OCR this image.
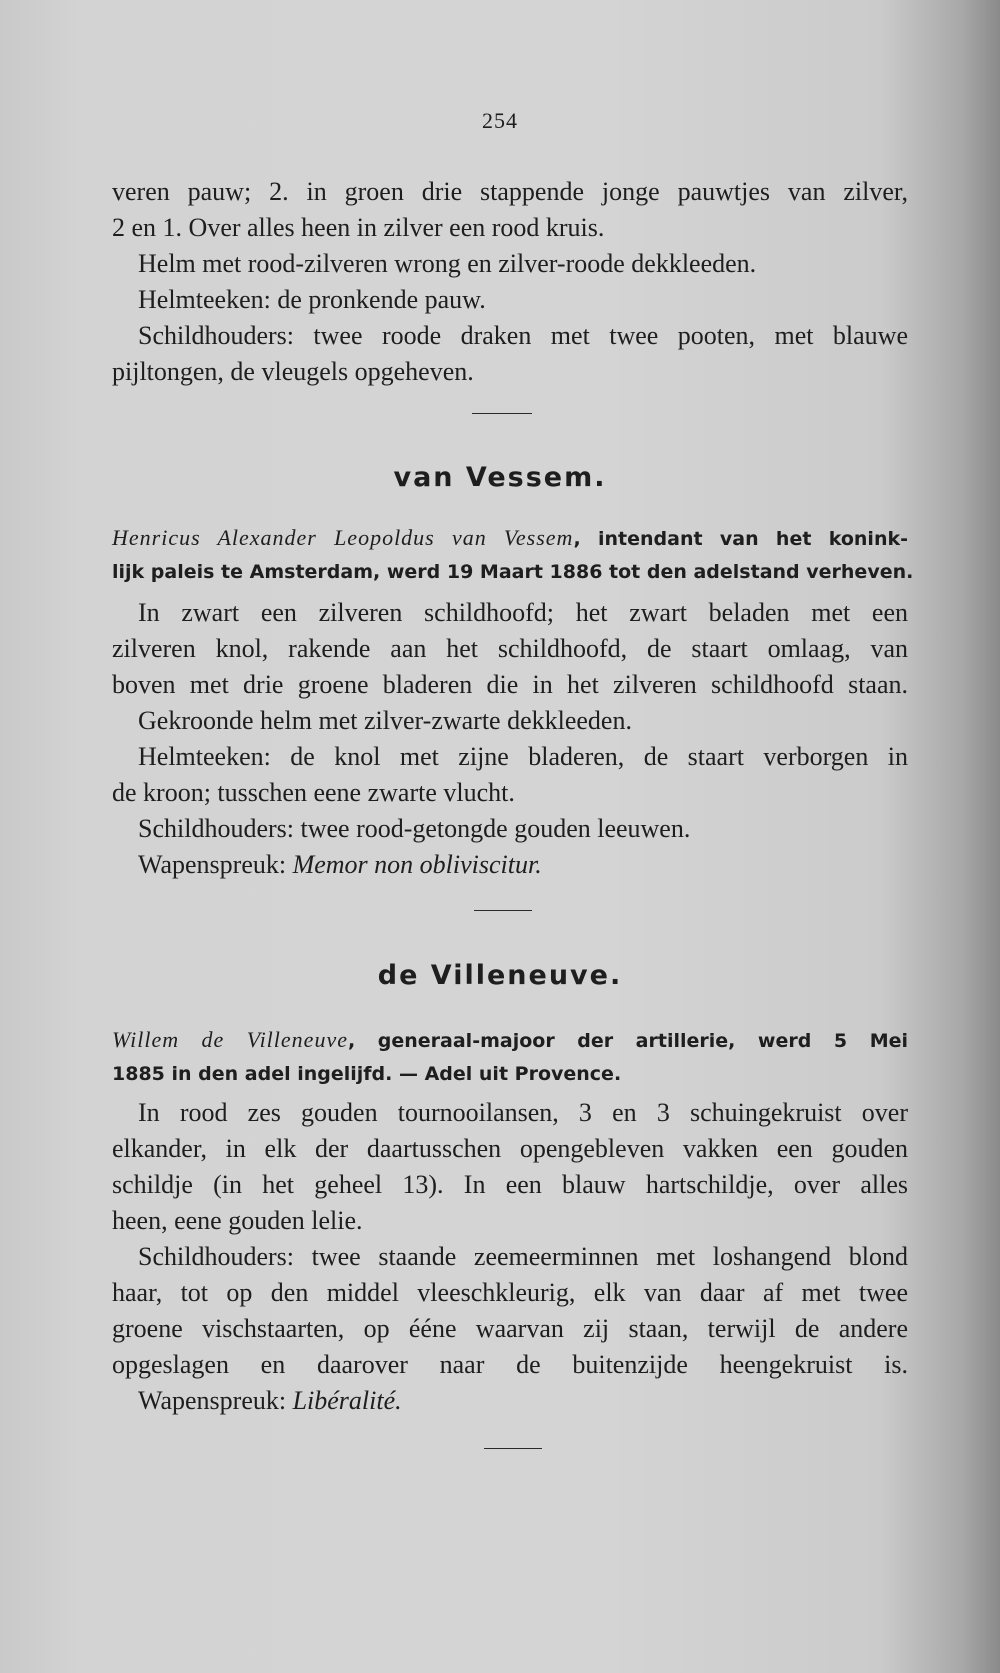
254
veren pauw; 2. in groen drie stappende jonge pauwtjes van zilver,
2 en 1. Over alles heen in zilver een rood kruis.
Helm met rood-zilveren wrong en zilver-roode dekkleeden.
Helmteeken: de pronkende pauw.
Schildhouders: twee roode draken met twee pooten, met blauwe
pijltongen, de vleugels opgeheven.
van Vessem.
Henricus Alexander Leopoldus van Vessem, intendant van het konink-
lijk paleis te Amsterdam, werd 19 Maart 1886 tot den adelstand verheven.
In zwart een zilveren schildhoofd; het zwart beladen met een
zilveren knol, rakende aan het schildhoofd, de staart omlaag, van
boven met drie groene bladeren die in het zilveren schildhoofd staan.
Gekroonde helm met zilver-zwarte dekkleeden.
Helmteeken: de knol met zijne bladeren, de staart verborgen in
de kroon; tusschen eene zwarte vlucht.
Schildhouders: twee rood-getongde gouden leeuwen.
Wapenspreuk: Memor non obliviscitur.
de Villeneuve.
Willem de Villeneuve, generaal-majoor der artillerie, werd 5 Mei
1885 in den adel ingelijfd. — Adel uit Provence.
In rood zes gouden tournooilansen, 3 en 3 schuingekruist over
elkander, in elk der daartusschen opengebleven vakken een gouden
schildje (in het geheel 13). In een blauw hartschildje, over alles
heen, eene gouden lelie.
Schildhouders: twee staande zeemeerminnen met loshangend blond
haar, tot op den middel vleeschkleurig, elk van daar af met twee
groene vischstaarten, op ééne waarvan zij staan, terwijl de andere
opgeslagen en daarover naar de buitenzijde heengekruist is.
Wapenspreuk: Libéralité.
